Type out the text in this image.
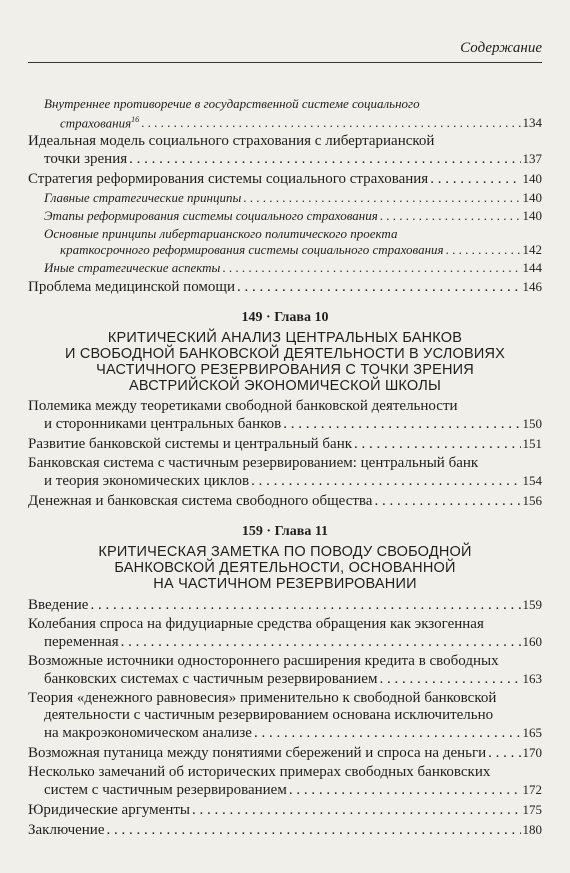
Содержание
Внутреннее противоречие в государственной системе социального
страхования$^{16}$ . . .	134
Идеальная модель социального страхования с либертарианской
точки зрения . . .	137
Стратегия реформирования системы социального страхования . . .	140
Главные стратегические принципы . . .	140
Этапы реформирования системы социального страхования . . .	140
Основные принципы либертарианского политического проекта
краткосрочного реформирования системы социального страхования . . .	142
Иные стратегические аспекты . . .	144
Проблема медицинской помощи . . .	146
149 · Глава 10
КРИТИЧЕСКИЙ АНАЛИЗ ЦЕНТРАЛЬНЫХ БАНКОВ
И СВОБОДНОЙ БАНКОВСКОЙ ДЕЯТЕЛЬНОСТИ В УСЛОВИЯХ
ЧАСТИЧНОГО РЕЗЕРВИРОВАНИЯ С ТОЧКИ ЗРЕНИЯ
АВСТРИЙСКОЙ ЭКОНОМИЧЕСКОЙ ШКОЛЫ
Полемика между теоретиками свободной банковской деятельности
и сторонниками центральных банков . . .	150
Развитие банковской системы и центральный банк . . .	151
Банковская система с частичным резервированием: центральный банк
и теория экономических циклов . . .	154
Денежная и банковская система свободного общества . . .	156
159 · Глава 11
КРИТИЧЕСКАЯ ЗАМЕТКА ПО ПОВОДУ СВОБОДНОЙ
БАНКОВСКОЙ ДЕЯТЕЛЬНОСТИ, ОСНОВАННОЙ
НА ЧАСТИЧНОМ РЕЗЕРВИРОВАНИИ
Введение . . .	159
Колебания спроса на фидуциарные средства обращения как экзогенная
переменная . . .	160
Возможные источники одностороннего расширения кредита в свободных
банковских системах с частичным резервированием . . .	163
Теория «денежного равновесия» применительно к свободной банковской
деятельности с частичным резервированием основана исключительно
на макроэкономическом анализе . . .	165
Возможная путаница между понятиями сбережений и спроса на деньги . . .	170
Несколько замечаний об исторических примерах свободных банковских
систем с частичным резервированием . . .	172
Юридические аргументы . . .	175
Заключение . . .	180
